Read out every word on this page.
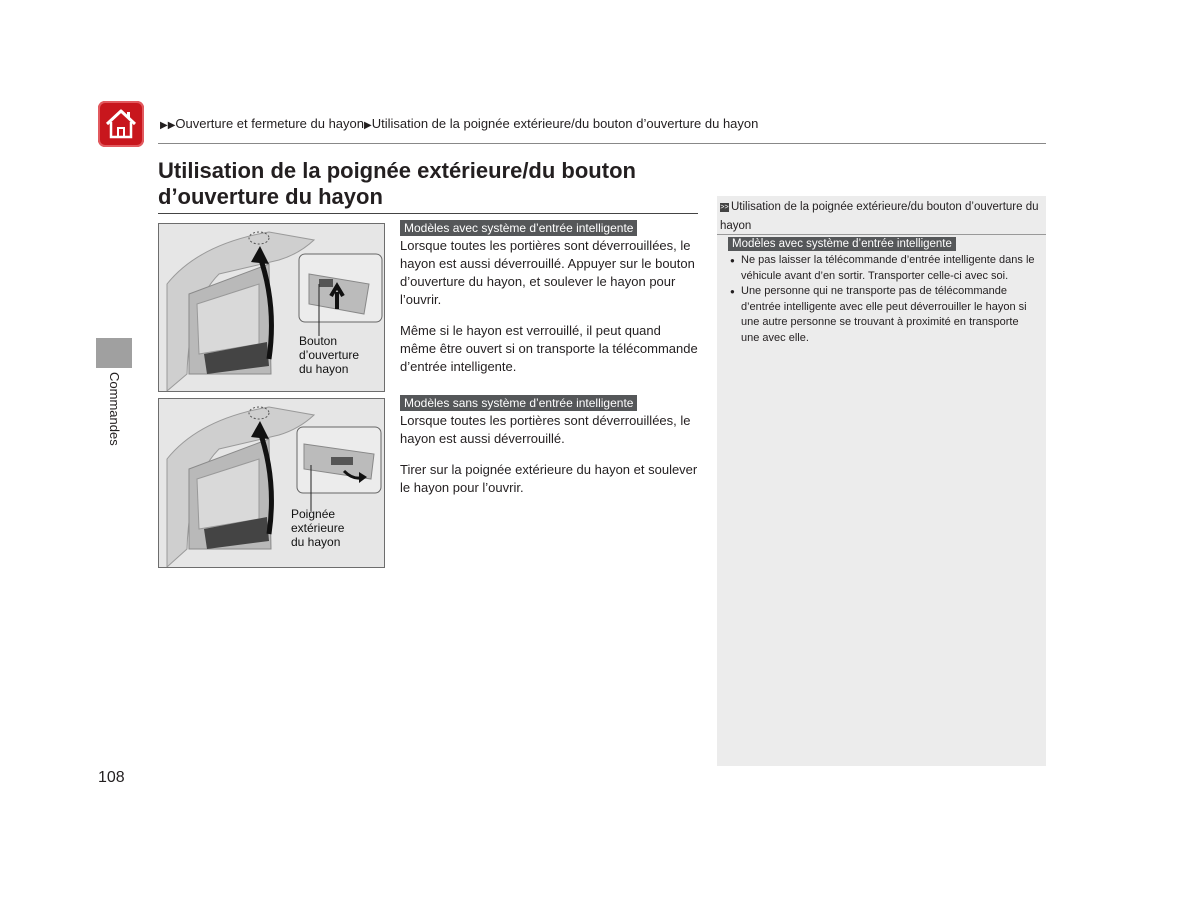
▶▶Ouverture et fermeture du hayon▶Utilisation de la poignée extérieure/du bouton d’ouverture du hayon
Commandes
Utilisation de la poignée extérieure/du bouton d’ouverture du hayon
Bouton
d’ouverture
du hayon
Poignée
extérieure
du hayon
Modèles avec système d’entrée intelligente
Lorsque toutes les portières sont déverrouillées, le hayon est aussi déverrouillé. Appuyer sur le bouton d’ouverture du hayon, et soulever le hayon pour l’ouvrir.
Même si le hayon est verrouillé, il peut quand même être ouvert si on transporte la télécommande d’entrée intelligente.
Modèles sans système d’entrée intelligente
Lorsque toutes les portières sont déverrouillées, le hayon est aussi déverrouillé.
Tirer sur la poignée extérieure du hayon et soulever le hayon pour l’ouvrir.
>> Utilisation de la poignée extérieure/du bouton d’ouverture du hayon
Modèles avec système d’entrée intelligente
● Ne pas laisser la télécommande d’entrée intelligente dans le véhicule avant d’en sortir. Transporter celle-ci avec soi.
● Une personne qui ne transporte pas de télécommande d’entrée intelligente avec elle peut déverrouiller le hayon si une autre personne se trouvant à proximité en transporte une avec elle.
108
